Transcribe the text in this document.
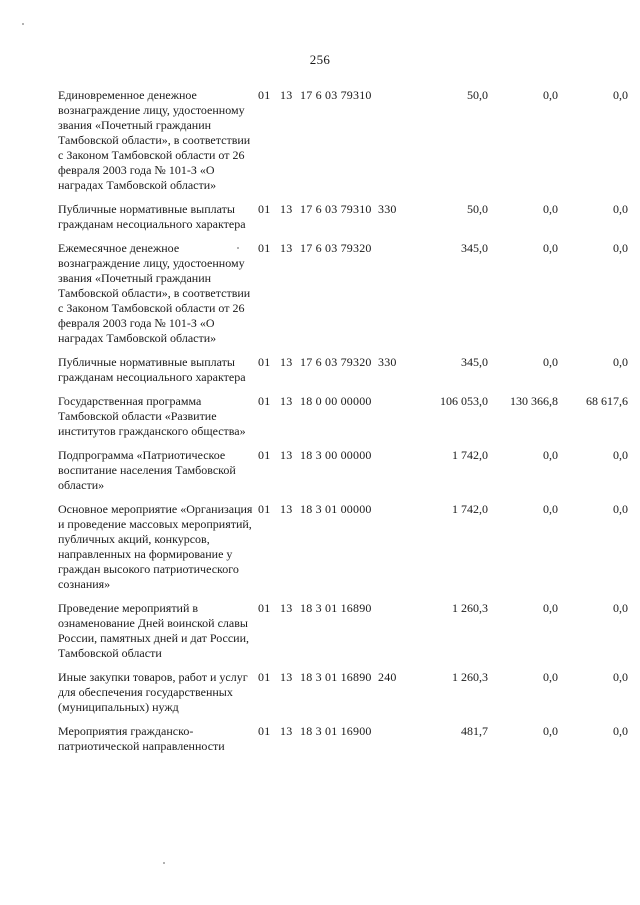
256
Единовременное денежное вознаграждение лицу, удостоенному звания «Почетный гражданин Тамбовской области», в соответствии с Законом Тамбовской области от 26 февраля 2003 года № 101-З «О наградах Тамбовской области»	01	13	17 6 03 79310		50,0	0,0	0,0
Публичные нормативные выплаты гражданам несоциального характера	01	13	17 6 03 79310	330	50,0	0,0	0,0
Ежемесячное денежное вознаграждение лицу, удостоенному звания «Почетный гражданин Тамбовской области», в соответствии с Законом Тамбовской области от 26 февраля 2003 года № 101-З «О наградах Тамбовской области»	01	13	17 6 03 79320		345,0	0,0	0,0
Публичные нормативные выплаты гражданам несоциального характера	01	13	17 6 03 79320	330	345,0	0,0	0,0
Государственная программа Тамбовской области «Развитие институтов гражданского общества»	01	13	18 0 00 00000		106 053,0	130 366,8	68 617,6
Подпрограмма «Патриотическое воспитание населения Тамбовской области»	01	13	18 3 00 00000		1 742,0	0,0	0,0
Основное мероприятие «Организация и проведение массовых мероприятий, публичных акций, конкурсов, направленных на формирование у граждан высокого патриотического сознания»	01	13	18 3 01 00000		1 742,0	0,0	0,0
Проведение мероприятий в ознаменование Дней воинской славы России, памятных дней и дат России, Тамбовской области	01	13	18 3 01 16890		1 260,3	0,0	0,0
Иные закупки товаров, работ и услуг для обеспечения государственных (муниципальных) нужд	01	13	18 3 01 16890	240	1 260,3	0,0	0,0
Мероприятия гражданско-патриотической направленности	01	13	18 3 01 16900		481,7	0,0	0,0
